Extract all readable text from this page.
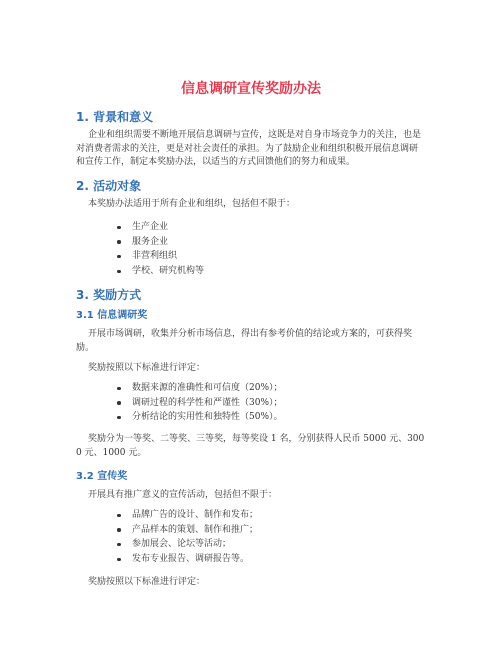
信息调研宣传奖励办法
1. 背景和意义

企业和组织需要不断地开展信息调研与宣传，这既是对自身市场竞争力的关注，也是对消费者需求的关注，更是对社会责任的承担。为了鼓励企业和组织积极开展信息调研和宣传工作，制定本奖励办法，以适当的方式回馈他们的努力和成果。

2. 活动对象

本奖励办法适用于所有企业和组织，包括但不限于：

生产企业
服务企业
非营利组织
学校、研究机构等
3. 奖励方式
3.1 信息调研奖

开展市场调研，收集并分析市场信息，得出有参考价值的结论或方案的，可获得奖励。

奖励按照以下标准进行评定：

数据来源的准确性和可信度（20%）；
调研过程的科学性和严谨性（30%）；
分析结论的实用性和独特性（50%）。

奖励分为一等奖、二等奖、三等奖，每等奖设 1 名，分别获得人民币 5000 元、3000 元、1000 元。

3.2 宣传奖

开展具有推广意义的宣传活动，包括但不限于：

品牌广告的设计、制作和发布；
产品样本的策划、制作和推广；
参加展会、论坛等活动；
发布专业报告、调研报告等。

奖励按照以下标准进行评定：
